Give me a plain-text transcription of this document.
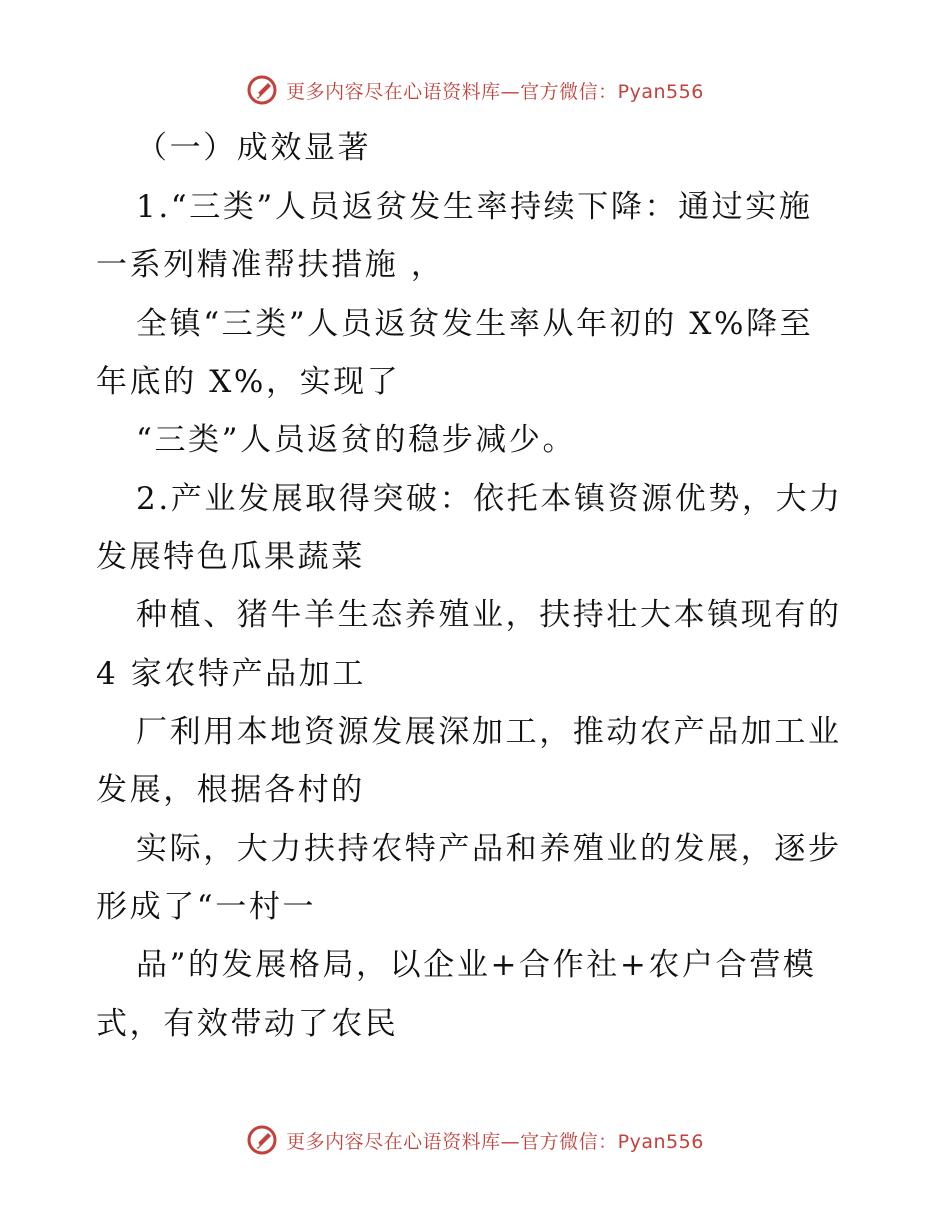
更多内容尽在心语资料库—官方微信：Pyan556
（一）成效显著
1.“三类”人员返贫发生率持续下降：通过实施
一系列精准帮扶措施 ，
全镇“三类”人员返贫发生率从年初的 X%降至
年底的 X%，实现了
“三类”人员返贫的稳步减少。
2.产业发展取得突破：依托本镇资源优势，大力
发展特色瓜果蔬菜
种植、猪牛羊生态养殖业，扶持壮大本镇现有的
4 家农特产品加工
厂利用本地资源发展深加工，推动农产品加工业
发展，根据各村的
实际，大力扶持农特产品和养殖业的发展，逐步
形成了“一村一
品”的发展格局，以企业+合作社+农户合营模
式，有效带动了农民
更多内容尽在心语资料库—官方微信：Pyan556
